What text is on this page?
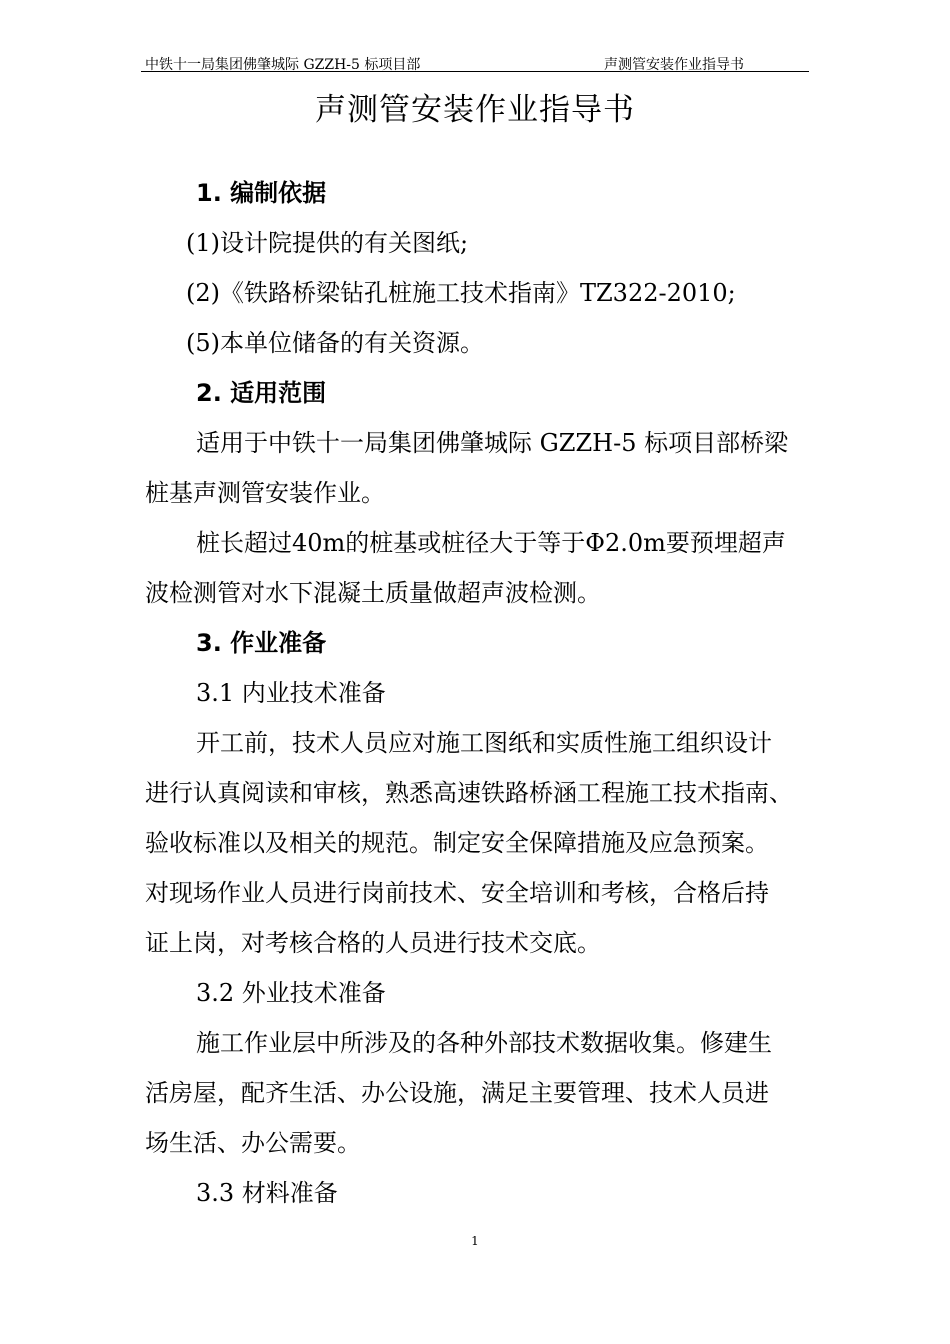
中铁十一局集团佛肇城际 GZZH-5 标项目部	声测管安装作业指导书
声测管安装作业指导书
1. 编制依据
(1)设计院提供的有关图纸;
(2)《铁路桥梁钻孔桩施工技术指南》TZ322-2010;
(5)本单位储备的有关资源。
2. 适用范围
适用于中铁十一局集团佛肇城际 GZZH-5 标项目部桥梁
桩基声测管安装作业。
桩长超过40m的桩基或桩径大于等于Φ2.0m要预埋超声
波检测管对水下混凝土质量做超声波检测。
3. 作业准备
3.1 内业技术准备
开工前，技术人员应对施工图纸和实质性施工组织设计
进行认真阅读和审核，熟悉高速铁路桥涵工程施工技术指南、
验收标准以及相关的规范。制定安全保障措施及应急预案。
对现场作业人员进行岗前技术、安全培训和考核，合格后持
证上岗，对考核合格的人员进行技术交底。
3.2 外业技术准备
施工作业层中所涉及的各种外部技术数据收集。修建生
活房屋，配齐生活、办公设施，满足主要管理、技术人员进
场生活、办公需要。
3.3 材料准备
1
